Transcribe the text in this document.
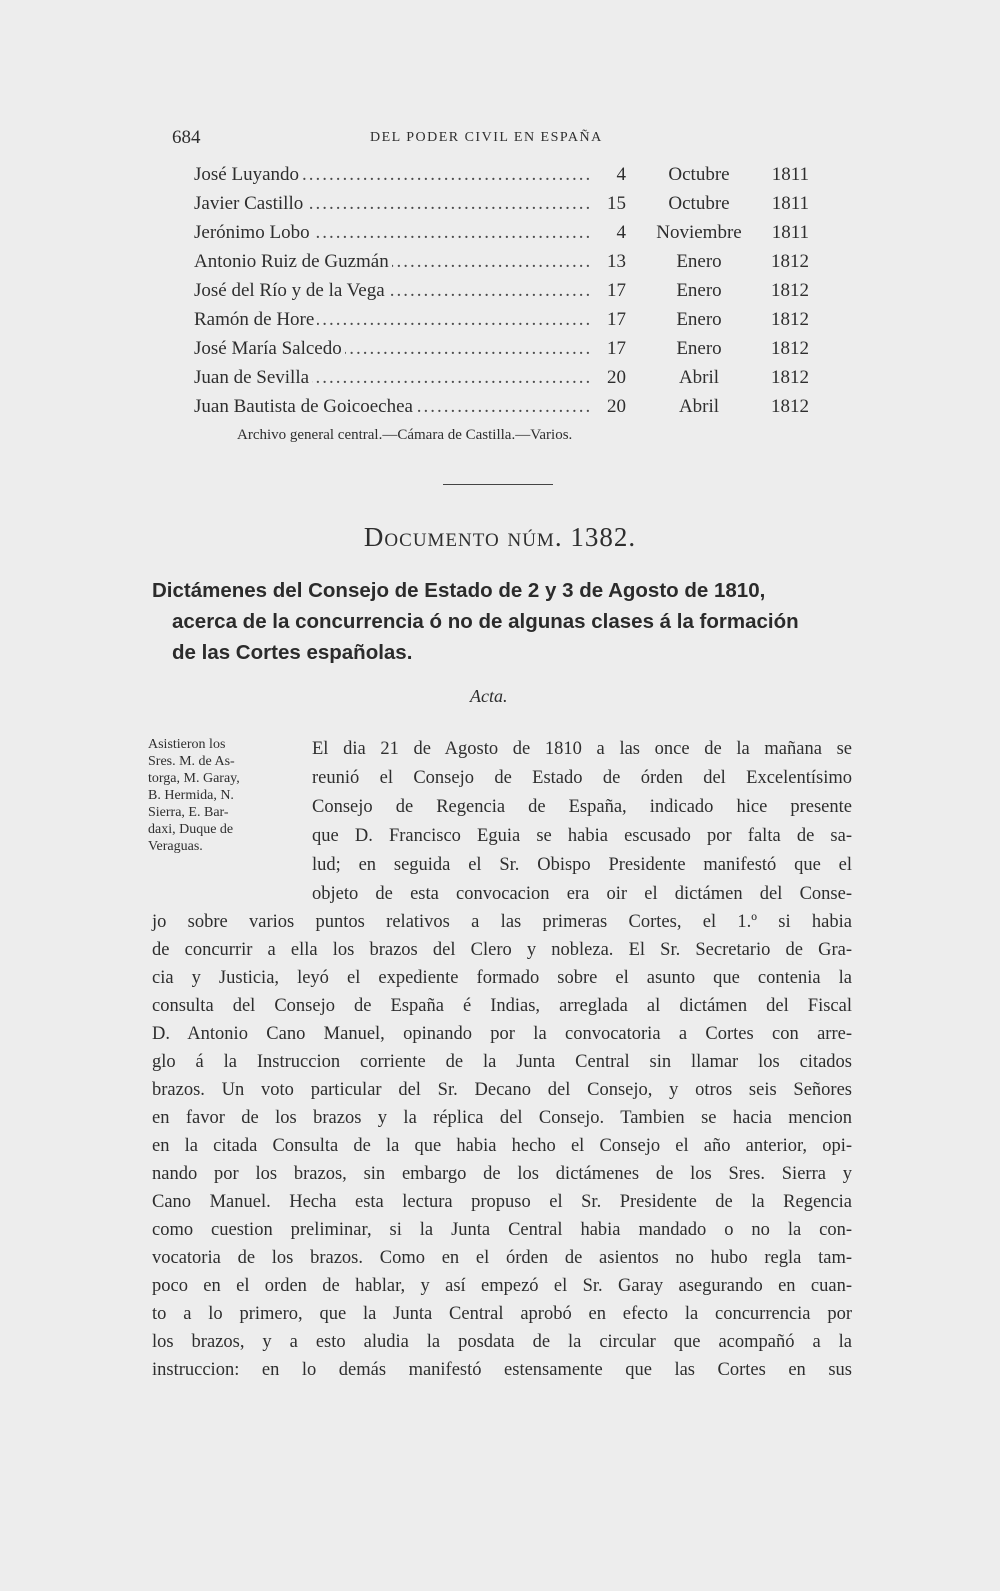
684	DEL PODER CIVIL EN ESPAÑA
José Luyando .....	4	Octubre	1811
Javier Castillo .....	15	Octubre	1811
Jerónimo Lobo .....	4	Noviembre	1811
Antonio Ruiz de Guzmán .....	13	Enero	1812
José del Río y de la Vega .....	17	Enero	1812
Ramón de Hore .....	17	Enero	1812
José María Salcedo .....	17	Enero	1812
Juan de Sevilla .....	20	Abril	1812
Juan Bautista de Goicoechea .....	20	Abril	1812
Archivo general central.—Cámara de Castilla.—Varios.
Documento núm. 1382.
Dictámenes del Consejo de Estado de 2 y 3 de Agosto de 1810,
acerca de la concurrencia ó no de algunas clases á la formación
de las Cortes españolas.
Acta.
Asistieron los
Sres. M. de As-
torga, M. Garay,
B. Hermida, N.
Sierra, E. Bar-
daxi, Duque de
Veraguas.
El dia 21 de Agosto de 1810 a las once de la mañana se
reunió el Consejo de Estado de órden del Excelentísimo
Consejo de Regencia de España, indicado hice presente
que D. Francisco Eguia se habia escusado por falta de sa-
lud; en seguida el Sr. Obispo Presidente manifestó que el
objeto de esta convocacion era oir el dictámen del Conse-
jo sobre varios puntos relativos a las primeras Cortes, el 1.º si habia
de concurrir a ella los brazos del Clero y nobleza. El Sr. Secretario de Gra-
cia y Justicia, leyó el expediente formado sobre el asunto que contenia la
consulta del Consejo de España é Indias, arreglada al dictámen del Fiscal
D. Antonio Cano Manuel, opinando por la convocatoria a Cortes con arre-
glo á la Instruccion corriente de la Junta Central sin llamar los citados
brazos. Un voto particular del Sr. Decano del Consejo, y otros seis Señores
en favor de los brazos y la réplica del Consejo. Tambien se hacia mencion
en la citada Consulta de la que habia hecho el Consejo el año anterior, opi-
nando por los brazos, sin embargo de los dictámenes de los Sres. Sierra y
Cano Manuel. Hecha esta lectura propuso el Sr. Presidente de la Regencia
como cuestion preliminar, si la Junta Central habia mandado o no la con-
vocatoria de los brazos. Como en el órden de asientos no hubo regla tam-
poco en el orden de hablar, y así empezó el Sr. Garay asegurando en cuan-
to a lo primero, que la Junta Central aprobó en efecto la concurrencia por
los brazos, y a esto aludia la posdata de la circular que acompañó a la
instruccion: en lo demás manifestó estensamente que las Cortes en sus
